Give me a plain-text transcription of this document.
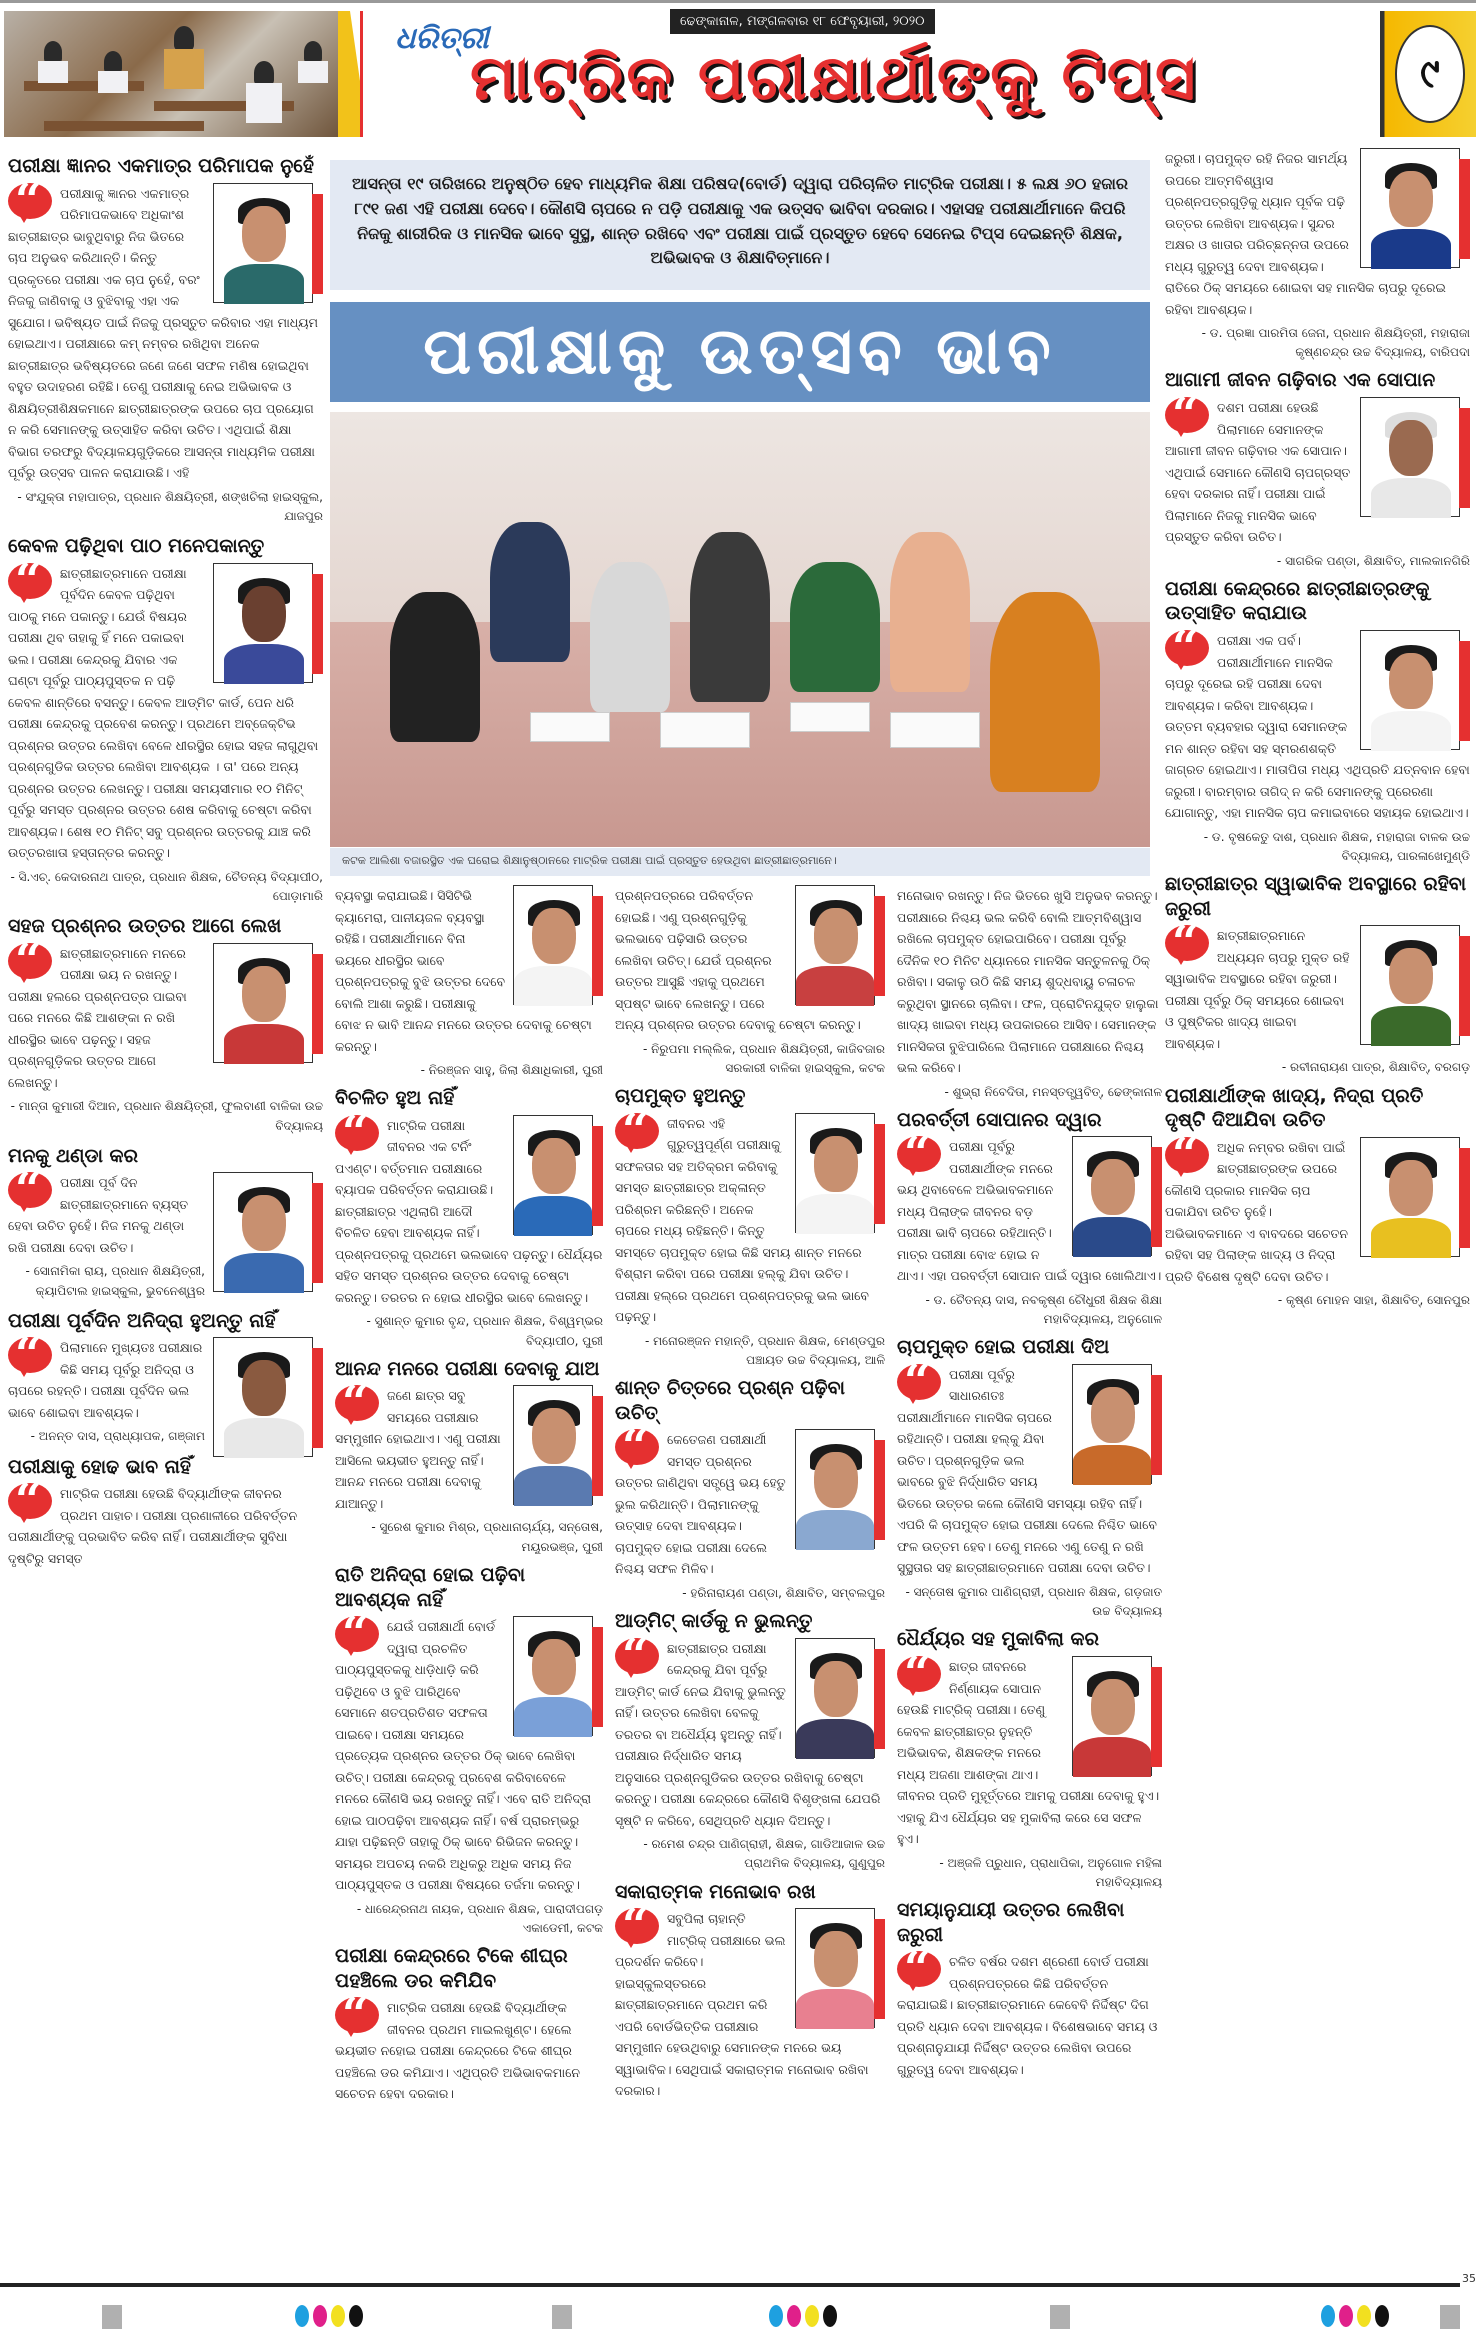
ଧରିତ୍ରୀ	ଢେଙ୍କାନାଳ, ମଙ୍ଗଳବାର ୧୮ ଫେବୃୟାରୀ, ୨୦୨୦
ମାଟ୍ରିକ ପରୀକ୍ଷାର୍ଥୀଙ୍କୁ ଟିପ୍ସ	୯
ଆସନ୍ତା ୧୯ ତାରିଖରେ ଅନୁଷ୍ଠିତ ହେବ ମାଧ୍ୟମିକ ଶିକ୍ଷା ପରିଷଦ(ବୋର୍ଡ) ଦ୍ୱାରା ପରିଚାଳିତ ମାଟ୍ରିକ ପରୀକ୍ଷା। ୫ ଲକ୍ଷ ୬୦ ହଜାର ୮୯୧ ଜଣ ଏହି ପରୀକ୍ଷା ଦେବେ। କୌଣସି ଚାପରେ ନ ପଡ଼ି ପରୀକ୍ଷାକୁ ଏକ ଉତ୍ସବ ଭାବିବା ଦରକାର। ଏହାସହ ପରୀକ୍ଷାର୍ଥୀମାନେ କିପରି ନିଜକୁ ଶାରୀରିକ ଓ ମାନସିକ ଭାବେ ସୁସ୍ଥ, ଶାନ୍ତ ରଖିବେ ଏବଂ ପରୀକ୍ଷା ପାଇଁ ପ୍ରସ୍ତୁତ ହେବେ ସେନେଇ ଟିପ୍ସ ଦେଇଛନ୍ତି ଶିକ୍ଷକ, ଅଭିଭାବକ ଓ ଶିକ୍ଷାବିତ୍‌ମାନେ।
ପରୀକ୍ଷାକୁ ଉତ୍ସବ ଭାବ
କଟକ ଆଲିଶା ବଜାରସ୍ଥିତ ଏକ ଘରୋଇ ଶିକ୍ଷାନୁଷ୍ଠାନରେ ମାଟ୍ରିକ ପରୀକ୍ଷା ପାଇଁ ପ୍ରସ୍ତୁତ ହେଉଥିବା ଛାତ୍ରୀଛାତ୍ରମାନେ।
ପରୀକ୍ଷା ଜ୍ଞାନର ଏକମାତ୍ର ପରିମାପକ ନୁହେଁ
“	ପରୀକ୍ଷାକୁ ଜ୍ଞାନର ଏକମାତ୍ର ପରିମାପକଭାବେ ଅଧିକାଂଶ ଛାତ୍ରୀଛାତ୍ର ଭାବୁଥିବାରୁ ନିଜ ଭିତରେ ଚାପ ଅନୁଭବ କରିଥାନ୍ତି। କିନ୍ତୁ ପ୍ରକୃତରେ ପରୀକ୍ଷା ଏକ ଚାପ ନୁହେଁ, ବରଂ ନିଜକୁ ଜାଣିବାକୁ ଓ ବୁଝିବାକୁ ଏହା ଏକ ସୁଯୋଗ। ଭବିଷ୍ୟତ ପାଇଁ ନିଜକୁ ପ୍ରସ୍ତୁତ କରିବାର ଏହା ମାଧ୍ୟମ ହୋଇଥାଏ। ପରୀକ୍ଷାରେ କମ୍ ନମ୍ବର ରଖିଥିବା ଅନେକ ଛାତ୍ରୀଛାତ୍ର ଭବିଷ୍ୟତରେ ଜଣେ ଜଣେ ସଫଳ ମଣିଷ ହୋଇଥିବା ବହୁତ ଉଦାହରଣ ରହିଛି। ତେଣୁ ପରୀକ୍ଷାକୁ ନେଇ ଅଭିଭାବକ ଓ ଶିକ୍ଷୟିତ୍ରୀଶିକ୍ଷକମାନେ ଛାତ୍ରୀଛାତ୍ରଙ୍କ ଉପରେ ଚାପ ପ୍ରୟୋଗ ନ କରି ସେମାନଙ୍କୁ ଉତ୍ସାହିତ କରିବା ଉଚିତ। ଏଥିପାଇଁ ଶିକ୍ଷା ବିଭାଗ ତରଫରୁ ବିଦ୍ୟାଳୟଗୁଡ଼ିକରେ ଆସନ୍ତା ମାଧ୍ୟମିକ ପରୀକ୍ଷା ପୂର୍ବରୁ ଉତ୍ସବ ପାଳନ କରାଯାଉଛି। ଏହି

- ସଂଯୁକ୍ତା ମହାପାତ୍ର, ପ୍ରଧାନ ଶିକ୍ଷୟିତ୍ରୀ, ଶଙ୍ଖଚିଲା ହାଇସ୍କୁଲ, ଯାଜପୁର

କେବଳ ପଢ଼ିଥିବା ପାଠ ମନେପକାନ୍ତୁ
“	ଛାତ୍ରୀଛାତ୍ରମାନେ ପରୀକ୍ଷା ପୂର୍ବଦିନ କେବଳ ପଢ଼ିଥିବା ପାଠକୁ ମନେ ପକାନ୍ତୁ। ଯେଉଁ ବିଷୟର ପରୀକ୍ଷା ଥିବ ତାହାକୁ ହିଁ ମନେ ପକାଇବା ଭଲ। ପରୀକ୍ଷା କେନ୍ଦ୍ରକୁ ଯିବାର ଏକ ଘଣ୍ଟା ପୂର୍ବରୁ ପାଠ୍ୟପୁସ୍ତକ ନ ପଢ଼ି କେବଳ ଶାନ୍ତିରେ ବସନ୍ତୁ। କେବଳ ଆଡ୍‌ମିଟ କାର୍ଡ, ପେନ ଧରି ପରୀକ୍ଷା କେନ୍ଦ୍ରକୁ ପ୍ରବେଶ କରନ୍ତୁ। ପ୍ରଥମେ ଅବ୍‌ଜେକ୍ଟିଭ ପ୍ରଶ୍ନର ଉତ୍ତର ଲେଖିବା ବେଳେ ଧୀରସ୍ଥିର ହୋଇ ସହଜ ଲାଗୁଥିବା ପ୍ରଶ୍ନଗୁଡିକ ଉତ୍ତର ଲେଖିବା ଆବଶ୍ୟକ । ତା' ପରେ ଅନ୍ୟ ପ୍ରଶ୍ନର ଉତ୍ତର ଲେଖନ୍ତୁ। ପରୀକ୍ଷା ସମୟସୀମାର ୧୦ ମିନିଟ୍ ପୂର୍ବରୁ ସମସ୍ତ ପ୍ରଶ୍ନର ଉତ୍ତର ଶେଷ କରିବାକୁ ଚେଷ୍ଟା କରିବା ଆବଶ୍ୟକ। ଶେଷ ୧୦ ମିନିଟ୍ ସବୁ ପ୍ରଶ୍ନର ଉତ୍ତରକୁ ଯାଞ୍ଚ କରି ଉତ୍ତରଖାତା ହସ୍ତାନ୍ତର କରନ୍ତୁ।

- ସି.ଏଚ୍. କେଦାରନାଥ ପାତ୍ର, ପ୍ରଧାନ ଶିକ୍ଷକ, ଚୈତନ୍ୟ ବିଦ୍ୟାପୀଠ, ପୋଡ଼ାମାରି

ସହଜ ପ୍ରଶ୍ନର ଉତ୍ତର ଆଗେ ଲେଖ
“	ଛାତ୍ରୀଛାତ୍ରମାନେ ମନରେ ପରୀକ୍ଷା ଭୟ ନ ରଖନ୍ତୁ। ପରୀକ୍ଷା ହଲରେ ପ୍ରଶ୍ନପତ୍ର ପାଇବା ପରେ ମନରେ କିଛି ଆଶଙ୍କା ନ ରଖି ଧୀରସ୍ଥିର ଭାବେ ପଢ଼ନ୍ତୁ। ସହଜ ପ୍ରଶ୍ନଗୁଡ଼ିକର ଉତ୍ତର ଆଗେ ଲେଖନ୍ତୁ।

- ମାନ୍ତା କୁମାରୀ ଦିଆନ, ପ୍ରଧାନ ଶିକ୍ଷୟିତ୍ରୀ, ଫୁଲବାଣୀ ବାଳିକା ଉଚ୍ଚ ବିଦ୍ୟାଳୟ

ମନକୁ ଥଣ୍ଡା କର
“	ପରୀକ୍ଷା ପୂର୍ବ ଦିନ ଛାତ୍ରୀଛାତ୍ରମାନେ ବ୍ୟସ୍ତ ହେବା ଉଚିତ ନୁହେଁ। ନିଜ ମନକୁ ଥଣ୍ଡା ରଖି ପରୀକ୍ଷା ଦେବା ଉଚିତ।

- ସୋନାମିକା ରାୟ, ପ୍ରଧାନ ଶିକ୍ଷୟିତ୍ରୀ, କ୍ୟାପିଟାଲ ହାଇସ୍କୁଲ, ଭୁବନେଶ୍ୱର

ପରୀକ୍ଷା ପୂର୍ବଦିନ ଅନିଦ୍ରା ହୁଅନ୍ତୁ ନାହିଁ
“	ପିଲାମାନେ ମୁଖ୍ୟତଃ ପରୀକ୍ଷାର କିଛି ସମୟ ପୂର୍ବରୁ ଅନିଦ୍ରା ଓ ଚାପରେ ରହନ୍ତି। ପରୀକ୍ଷା ପୂର୍ବଦିନ ଭଲ ଭାବେ ଶୋଇବା ଆବଶ୍ୟକ।

- ଅନନ୍ତ ଦାସ, ପ୍ରାଧ୍ୟାପକ, ଗଞ୍ଜାମ

ପରୀକ୍ଷାକୁ ହୋଢ ଭାବ ନାହିଁ
“	ମାଟ୍ରିକ ପରୀକ୍ଷା ହେଉଛି ବିଦ୍ୟାର୍ଥୀଙ୍କ ଜୀବନର ପ୍ରଥମ ପାହାଚ। ପରୀକ୍ଷା ପ୍ରଣାଳୀରେ ପରିବର୍ତ୍ତନ ପରୀକ୍ଷାର୍ଥୀଙ୍କୁ ପ୍ରଭାବିତ କରିବ ନାହିଁ। ପରୀକ୍ଷାର୍ଥୀଙ୍କ ସୁବିଧା ଦୃଷ୍ଟିରୁ ସମସ୍ତ

ବ୍ୟବସ୍ଥା କରାଯାଇଛି। ସିସିଟିଭି କ୍ୟାମେରା, ପାନୀୟଜଳ ବ୍ୟବସ୍ଥା ରହିଛି। ପରୀକ୍ଷାର୍ଥୀମାନେ ବିନା ଭୟରେ ଧୀରସ୍ଥିର ଭାବେ ପ୍ରଶ୍ନପତ୍ରକୁ ବୁଝି ଉତ୍ତର ଦେବେ ବୋଲି ଆଶା କରୁଛି। ପରୀକ୍ଷାକୁ ବୋଝ ନ ଭାବି ଆନନ୍ଦ ମନରେ ଉତ୍ତର ଦେବାକୁ ଚେଷ୍ଟା କରନ୍ତୁ।

- ନିରଞ୍ଜନ ସାହୁ, ଜିଲା ଶିକ୍ଷାଧିକାରୀ, ପୁରୀ

ବିଚଳିତ ହୁଅ ନାହିଁ
“	ମାଟ୍ରିକ ପରୀକ୍ଷା ଜୀବନର ଏକ ଟର୍ନିଂ ପଏଣ୍ଟ। ବର୍ତ୍ତମାନ ପରୀକ୍ଷାରେ ବ୍ୟାପକ ପରିବର୍ତ୍ତନ କରାଯାଉଛି। ଛାତ୍ରୀଛାତ୍ର ଏଥିଲାଗି ଆଦୌ ବିଚଳିତ ହେବା ଆବଶ୍ୟକ ନାହିଁ। ପ୍ରଶ୍ନପତ୍ରକୁ ପ୍ରଥମେ ଭଲଭାବେ ପଢ଼ନ୍ତୁ। ଧୈର୍ଯ୍ୟର ସହିତ ସମସ୍ତ ପ୍ରଶ୍ନର ଉତ୍ତର ଦେବାକୁ ଚେଷ୍ଟା କରନ୍ତୁ। ତରତର ନ ହୋଇ ଧୀରସ୍ଥିର ଭାବେ ଲେଖନ୍ତୁ।

- ସୁଶାନ୍ତ କୁମାର ବୃନ୍ଦ, ପ୍ରଧାନ ଶିକ୍ଷକ, ବିଶ୍ୱମ୍ଭର ବିଦ୍ୟାପୀଠ, ପୁରୀ

ଆନନ୍ଦ ମନରେ ପରୀକ୍ଷା ଦେବାକୁ ଯାଅ
“	ଜଣେ ଛାତ୍ର ସବୁ ସମୟରେ ପରୀକ୍ଷାର ସମ୍ମୁଖୀନ ହୋଇଥାଏ। ଏଣୁ ପରୀକ୍ଷା ଆସିଲେ ଭୟଭୀତ ହୁଅନ୍ତୁ ନାହିଁ। ଆନନ୍ଦ ମନରେ ପରୀକ୍ଷା ଦେବାକୁ ଯାଆନ୍ତୁ।

- ସୁରେଶ କୁମାର ମିଶ୍ର, ପ୍ରଧାନାଚାର୍ଯ୍ୟ, ସନ୍ତୋଷ, ମୟୂରଭଞ୍ଜ, ପୁରୀ

ରାତି ଅନିଦ୍ରା ହୋଇ ପଢ଼ିବା ଆବଶ୍ୟକ ନାହିଁ
“	ଯେଉଁ ପରୀକ୍ଷାର୍ଥୀ ବୋର୍ଡ ଦ୍ୱାରା ପ୍ରଚଳିତ ପାଠ୍ୟପୁସ୍ତକକୁ ଧାଡ଼ିଧାଡ଼ି କରି ପଢ଼ିଥିବେ ଓ ବୁଝି ପାରିଥିବେ ସେମାନେ ଶତପ୍ରତିଶତ ସଫଳତା ପାଇବେ। ପରୀକ୍ଷା ସମୟରେ ପ୍ରତ୍ୟେକ ପ୍ରଶ୍ନର ଉତ୍ତର ଠିକ୍ ଭାବେ ଲେଖିବା ଉଚିତ୍। ପରୀକ୍ଷା କେନ୍ଦ୍ରକୁ ପ୍ରବେଶ କରିବାବେଳେ ମନରେ କୌଣସି ଭୟ ରଖନ୍ତୁ ନାହିଁ। ଏବେ ରାତି ଅନିଦ୍ରା ହୋଇ ପାଠପଢ଼ିବା ଆବଶ୍ୟକ ନାହିଁ। ବର୍ଷ ପ୍ରାରମ୍ଭରୁ ଯାହା ପଢ଼ିଛନ୍ତି ତାହାକୁ ଠିକ୍ ଭାବେ ରିଭିଜନ କରନ୍ତୁ। ସମୟର ଅପଚୟ ନକରି ଅଧିକରୁ ଅଧିକ ସମୟ ନିଜ ପାଠ୍ୟପୁସ୍ତକ ଓ ପରୀକ୍ଷା ବିଷୟରେ ତର୍ଜମା କରନ୍ତୁ।

- ଧାରେନ୍ଦ୍ରନାଥ ନାୟକ, ପ୍ରଧାନ ଶିକ୍ଷକ, ପାରାଦୀପଗଡ଼ ଏକାଡେମୀ, କଟକ

ପରୀକ୍ଷା କେନ୍ଦ୍ରରେ ଟିକେ ଶୀଘ୍ର ପହଞ୍ଚିଲେ ଡର କମିଯିବ
“	ମାଟ୍ରିକ ପରୀକ୍ଷା ହେଉଛି ବିଦ୍ୟାର୍ଥୀଙ୍କ ଜୀବନର ପ୍ରଥମ ମାଇଲଖୁଣ୍ଟ। ହେଲେ ଭୟଭୀତ ନହୋଇ ପରୀକ୍ଷା କେନ୍ଦ୍ରରେ ଟିକେ ଶୀଘ୍ର ପହଞ୍ଚିଲେ ଡର କମିଯାଏ। ଏଥିପ୍ରତି ଅଭିଭାବକମାନେ ସଚେତନ ହେବା ଦରକାର।

ପ୍ରଶ୍ନପତ୍ରରେ ପରିବର୍ତ୍ତନ ହୋଇଛି। ଏଣୁ ପ୍ରଶ୍ନଗୁଡ଼ିକୁ ଭଲଭାବେ ପଢ଼ିସାରି ଉତ୍ତର ଲେଖିବା ଉଚିତ୍। ଯେଉଁ ପ୍ରଶ୍ନର ଉତ୍ତର ଆସୁଛି ଏହାକୁ ପ୍ରଥମେ ସ୍ପଷ୍ଟ ଭାବେ ଲେଖନ୍ତୁ। ପରେ ଅନ୍ୟ ପ୍ରଶ୍ନର ଉତ୍ତର ଦେବାକୁ ଚେଷ୍ଟା କରନ୍ତୁ।

- ନିରୁପମା ମଲ୍ଲିକ, ପ୍ରଧାନ ଶିକ୍ଷୟିତ୍ରୀ, କାଜିବଜାର ସରକାରୀ ବାଳିକା ହାଇସ୍କୁଲ, କଟକ

ଚାପମୁକ୍ତ ହୁଅନ୍ତୁ
“	ଜୀବନର ଏହି ଗୁରୁତ୍ୱପୂର୍ଣ୍ଣ ପରୀକ୍ଷାକୁ ସଫଳତାର ସହ ଅତିକ୍ରମ କରିବାକୁ ସମସ୍ତ ଛାତ୍ରୀଛାତ୍ର ଅକ୍ଳାନ୍ତ ପରିଶ୍ରମ କରିଛନ୍ତି। ଅନେକ ଚାପରେ ମଧ୍ୟ ରହିଛନ୍ତି। କିନ୍ତୁ ସମସ୍ତେ ଚାପମୁକ୍ତ ହୋଇ କିଛି ସମୟ ଶାନ୍ତ ମନରେ ବିଶ୍ରାମ କରିବା ପରେ ପରୀକ୍ଷା ହଲ୍‌କୁ ଯିବା ଉଚିତ। ପରୀକ୍ଷା ହଲ୍‌ରେ ପ୍ରଥମେ ପ୍ରଶ୍ନପତ୍ରକୁ ଭଲ ଭାବେ ପଢ଼ନ୍ତୁ।

- ମନୋରଞ୍ଜନ ମହାନ୍ତି, ପ୍ରଧାନ ଶିକ୍ଷକ, ମେଣ୍ଡପୁର ପଞ୍ଚାୟତ ଉଚ୍ଚ ବିଦ୍ୟାଳୟ, ଆଳି

ଶାନ୍ତ ଚିତ୍ତରେ ପ୍ରଶ୍ନ ପଢ଼ିବା ଉଚିତ୍
“	କେତେଜଣ ପରୀକ୍ଷାର୍ଥୀ ସମସ୍ତ ପ୍ରଶ୍ନର ଉତ୍ତର ଜାଣିଥିବା ସତ୍ତ୍ୱେ ଭୟ ହେତୁ ଭୁଲ କରିଥାନ୍ତି। ପିଲାମାନଙ୍କୁ ଉତ୍ସାହ ଦେବା ଆବଶ୍ୟକ। ଚାପମୁକ୍ତ ହୋଇ ପରୀକ୍ଷା ଦେଲେ ନିଶ୍ଚୟ ସଫଳ ମିଳିବ।

- ହରିନାରାୟଣ ପଣ୍ଡା, ଶିକ୍ଷାବିତ, ସମ୍ବଲପୁର

ଆଡ୍‌ମିଟ୍ କାର୍ଡକୁ ନ ଭୁଲନ୍ତୁ
“	ଛାତ୍ରୀଛାତ୍ର ପରୀକ୍ଷା କେନ୍ଦ୍ରକୁ ଯିବା ପୂର୍ବରୁ ଆଡ୍‌ମିଟ୍ କାର୍ଡ ନେଇ ଯିବାକୁ ଭୁଲନ୍ତୁ ନାହିଁ। ଉତ୍ତର ଲେଖିବା ବେଳକୁ ତରତର ବା ଅଧୈର୍ଯ୍ୟ ହୁଅନ୍ତୁ ନାହିଁ। ପରୀକ୍ଷାର ନିର୍ଦ୍ଧାରିତ ସମୟ ଅନୁସାରେ ପ୍ରଶ୍ନଗୁଡିକର ଉତ୍ତର ରଖିବାକୁ ଚେଷ୍ଟା କରନ୍ତୁ। ପରୀକ୍ଷା କେନ୍ଦ୍ରରେ କୌଣସି ବିଶୃଙ୍ଖଳା ଯେପରି ସୃଷ୍ଟି ନ କରିବେ, ସେଥିପ୍ରତି ଧ୍ୟାନ ଦିଅନ୍ତୁ।

- ରମେଶ ଚନ୍ଦ୍ର ପାଣିଗ୍ରାହୀ, ଶିକ୍ଷକ, ଗାଡିଆଜାଳ ଉଚ୍ଚ ପ୍ରାଥମିକ ବିଦ୍ୟାଳୟ, ଗୁଣୁପୁର

ସକାରାତ୍ମକ ମନୋଭାବ ରଖ
“	ସବୁପିଲା ଚାହାନ୍ତି ମାଟ୍ରିକ୍ ପରୀକ୍ଷାରେ ଭଲ ପ୍ରଦର୍ଶନ କରିବେ। ହାଇସ୍କୁଲସ୍ତରରେ ଛାତ୍ରୀଛାତ୍ରମାନେ ପ୍ରଥମ କରି ଏପରି ବୋର୍ଡଭିତ୍ତିକ ପରୀକ୍ଷାର ସମ୍ମୁଖୀନ ହେଉଥିବାରୁ ସେମାନଙ୍କ ମନରେ ଭୟ ସ୍ୱାଭାବିକ। ସେଥିପାଇଁ ସକାରାତ୍ମକ ମନୋଭାବ ରଖିବା ଦରକାର।

ମନୋଭାବ ରଖନ୍ତୁ। ନିଜ ଭିତରେ ଖୁସି ଅନୁଭବ କରନ୍ତୁ। ପରୀକ୍ଷାରେ ନିଶ୍ଚୟ ଭଲ କରିବି ବୋଲି ଆତ୍ମବିଶ୍ୱାସ ରଖିଲେ ଚାପମୁକ୍ତ ହୋଇପାରିବେ। ପରୀକ୍ଷା ପୂର୍ବରୁ ଦୈନିକ ୧୦ ମିନିଟ ଧ୍ୟାନରେ ମାନସିକ ସନ୍ତୁଳନକୁ ଠିକ୍ ରଖିବା। ସକାଳୁ ଉଠି କିଛି ସମୟ ଶୁଦ୍ଧବାୟୁ ଚଳାଚଳ କରୁଥିବା ସ୍ଥାନରେ ଚାଲିବା। ଫଳ, ପ୍ରୋଟିନଯୁକ୍ତ ହାଲୁକା ଖାଦ୍ୟ ଖାଇବା ମଧ୍ୟ ଉପକାରରେ ଆସିବ। ସେମାନଙ୍କ ମାନସିକତା ବୁଝିପାରିଲେ ପିଲାମାନେ ପରୀକ୍ଷାରେ ନିଶ୍ଚୟ ଭଲ କରିବେ।

- ଶୁଭ୍ରା ନିବେଦିତା, ମନସ୍ତତ୍ତ୍ୱବିତ୍, ଢେଙ୍କାନାଳ

ପରବର୍ତ୍ତୀ ସୋପାନର ଦ୍ୱାର
“	ପରୀକ୍ଷା ପୂର୍ବରୁ ପରୀକ୍ଷାର୍ଥୀଙ୍କ ମନରେ ଭୟ ଥିବାବେଳେ ଅଭିଭାବକମାନେ ମଧ୍ୟ ପିଲାଙ୍କ ଜୀବନର ବଡ଼ ପରୀକ୍ଷା ଭାବି ଚାପରେ ରହିଥାନ୍ତି। ମାତ୍ର ପରୀକ୍ଷା ବୋଝ ହୋଇ ନ ଥାଏ। ଏହା ପରବର୍ତ୍ତୀ ସୋପାନ ପାଇଁ ଦ୍ୱାର ଖୋଲିଥାଏ।

- ଡ. ଚୈତନ୍ୟ ଦାସ, ନବକୃଷ୍ଣ ଚୌଧୁରୀ ଶିକ୍ଷକ ଶିକ୍ଷା ମହାବିଦ୍ୟାଳୟ, ଅନୁଗୋଳ

ଚାପମୁକ୍ତ ହୋଇ ପରୀକ୍ଷା ଦିଅ
“	ପରୀକ୍ଷା ପୂର୍ବରୁ ସାଧାରଣତଃ ପରୀକ୍ଷାର୍ଥୀମାନେ ମାନସିକ ଚାପରେ ରହିଥାନ୍ତି। ପରୀକ୍ଷା ହଲ୍‌କୁ ଯିବା ଉଚିତ। ପ୍ରଶ୍ନଗୁଡ଼ିକ ଭଲ ଭାବରେ ବୁଝି ନିର୍ଦ୍ଧାରିତ ସମୟ ଭିତରେ ଉତ୍ତର କଲେ କୌଣସି ସମସ୍ୟା ରହିବ ନାହିଁ। ଏପରି କି ଚାପମୁକ୍ତ ହୋଇ ପରୀକ୍ଷା ଦେଲେ ନିଶ୍ଚିତ ଭାବେ ଫଳ ଉତ୍ତମ ହେବ। ତେଣୁ ମନରେ ଏଣୁ ତେଣୁ ନ ରଖି ସୁସ୍ଥତାର ସହ ଛାତ୍ରୀଛାତ୍ରମାନେ ପରୀକ୍ଷା ଦେବା ଉଚିତ।

- ସନ୍ତୋଷ କୁମାର ପାଣିଗ୍ରାହୀ, ପ୍ରଧାନ ଶିକ୍ଷକ, ଗଡ଼ଜାତ ଉଚ୍ଚ ବିଦ୍ୟାଳୟ

ଧୈର୍ଯ୍ୟର ସହ ମୁକାବିଲା କର
“	ଛାତ୍ର ଜୀବନରେ ନିର୍ଣ୍ଣାୟକ ସୋପାନ ହେଉଛି ମାଟ୍ରିକ୍ ପରୀକ୍ଷା। ତେଣୁ କେବଳ ଛାତ୍ରୀଛାତ୍ର ନୁହନ୍ତି ଅଭିଭାବକ, ଶିକ୍ଷକଙ୍କ ମନରେ ମଧ୍ୟ ଅଜଣା ଆଶଙ୍କା ଥାଏ। ଜୀବନର ପ୍ରତି ମୁହୂର୍ତ୍ତରେ ଆମକୁ ପରୀକ୍ଷା ଦେବାକୁ ହୁଏ। ଏହାକୁ ଯିଏ ଧୈର୍ଯ୍ୟର ସହ ମୁକାବିଲା କରେ ସେ ସଫଳ ହୁଏ।

- ଅଞ୍ଜଳି ପ୍ରୁଧାନ, ପ୍ରାଧାପିକା, ଅନୁଗୋଳ ମହିଳା ମହାବିଦ୍ୟାଳୟ

ସମୟାନୁଯାୟୀ ଉତ୍ତର ଲେଖିବା ଜରୁରୀ
“	ଚଳିତ ବର୍ଷର ଦଶମ ଶ୍ରେଣୀ ବୋର୍ଡ ପରୀକ୍ଷା ପ୍ରଶ୍ନପତ୍ରରେ କିଛି ପରିବର୍ତ୍ତନ କରାଯାଇଛି। ଛାତ୍ରୀଛାତ୍ରମାନେ କେବେବି ନିର୍ଦ୍ଦିଷ୍ଟ ଦିଗ ପ୍ରତି ଧ୍ୟାନ ଦେବା ଆବଶ୍ୟକ। ବିଶେଷଭାବେ ସମୟ ଓ ପ୍ରଶ୍ନାନୁଯାୟୀ ନିର୍ଦ୍ଦିଷ୍ଟ ଉତ୍ତର ଲେଖିବା ଉପରେ ଗୁରୁତ୍ୱ ଦେବା ଆବଶ୍ୟକ।

ଜରୁରୀ। ଚାପମୁକ୍ତ ରହି ନିଜର ସାମର୍ଥ୍ୟ ଉପରେ ଆତ୍ମବିଶ୍ୱାସ ପ୍ରଶ୍ନପତ୍ରଗୁଡ଼ିକୁ ଧ୍ୟାନ ପୂର୍ବକ ପଢ଼ି ଉତ୍ତର ଲେଖିବା ଆବଶ୍ୟକ। ସୁନ୍ଦର ଅକ୍ଷର ଓ ଖାତାର ପରିଚ୍ଛନ୍ନତା ଉପରେ ମଧ୍ୟ ଗୁରୁତ୍ୱ ଦେବା ଆବଶ୍ୟକ। ରାତିରେ ଠିକ୍ ସମୟରେ ଶୋଇବା ସହ ମାନସିକ ଚାପରୁ ଦୂରେଇ ରହିବା ଆବଶ୍ୟକ।

- ଡ. ପ୍ରଜ୍ଞା ପାରମିତା ଜେନା, ପ୍ରଧାନ ଶିକ୍ଷୟିତ୍ରୀ, ମହାରାଜା କୃଷ୍ଣଚନ୍ଦ୍ର ଉଚ୍ଚ ବିଦ୍ୟାଳୟ, ବାରିପଦା

ଆଗାମୀ ଜୀବନ ଗଢ଼ିବାର ଏକ ସୋପାନ
“	ଦଶମ ପରୀକ୍ଷା ହେଉଛି ପିଲାମାନେ ସେମାନଙ୍କ ଆଗାମୀ ଜୀବନ ଗଢ଼ିବାର ଏକ ସୋପାନ। ଏଥିପାଇଁ ସେମାନେ କୌଣସି ଚାପଗ୍ରସ୍ତ ହେବା ଦରକାର ନାହିଁ। ପରୀକ୍ଷା ପାଇଁ ପିଲାମାନେ ନିଜକୁ ମାନସିକ ଭାବେ ପ୍ରସ୍ତୁତ କରିବା ଉଚିତ।

- ସାଗରିକ ପଣ୍ଡା, ଶିକ୍ଷାବିତ୍, ମାଲକାନଗିରି

ପରୀକ୍ଷା କେନ୍ଦ୍ରରେ ଛାତ୍ରୀଛାତ୍ରଙ୍କୁ ଉତ୍ସାହିତ କରାଯାଉ
“	ପରୀକ୍ଷା ଏକ ପର୍ବ। ପରୀକ୍ଷାର୍ଥୀମାନେ ମାନସିକ ଚାପରୁ ଦୂରେଇ ରହି ପରୀକ୍ଷା ଦେବା ଆବଶ୍ୟକ। କରିବା ଆବଶ୍ୟକ। ଉତ୍ତମ ବ୍ୟବହାର ଦ୍ୱାରା ସେମାନଙ୍କ ମନ ଶାନ୍ତ ରହିବା ସହ ସ୍ମରଣଶକ୍ତି ଜାଗ୍ରତ ହୋଇଥାଏ। ମାତାପିତା ମଧ୍ୟ ଏଥିପ୍ରତି ଯତ୍ନବାନ ହେବା ଜରୁରୀ। ବାରମ୍ବାର ତାଗିଦ୍ ନ କରି ସେମାନଙ୍କୁ ପ୍ରେରଣା ଯୋଗାନ୍ତୁ, ଏହା ମାନସିକ ଚାପ କମାଇବାରେ ସହାୟକ ହୋଇଥାଏ।

- ଡ. ବୃଷକେତୁ ଦାଶ, ପ୍ରଧାନ ଶିକ୍ଷକ, ମହାରାଜା ବାଳକ ଉଚ୍ଚ ବିଦ୍ୟାଳୟ, ପାରଳାଖେମୁଣ୍ଡି

ଛାତ୍ରୀଛାତ୍ର ସ୍ୱାଭାବିକ ଅବସ୍ଥାରେ ରହିବା ଜରୁରୀ
“	ଛାତ୍ରୀଛାତ୍ରମାନେ ଅଧ୍ୟୟନ ଚାପରୁ ମୁକ୍ତ ରହି ସ୍ୱାଭାବିକ ଅବସ୍ଥାରେ ରହିବା ଜରୁରୀ। ପରୀକ୍ଷା ପୂର୍ବରୁ ଠିକ୍ ସମୟରେ ଶୋଇବା ଓ ପୁଷ୍ଟିକର ଖାଦ୍ୟ ଖାଇବା ଆବଶ୍ୟକ।

- ରବୀନାରାୟଣ ପାତ୍ର, ଶିକ୍ଷାବିତ୍, ବରଗଡ଼

ପରୀକ୍ଷାର୍ଥୀଙ୍କ ଖାଦ୍ୟ, ନିଦ୍ରା ପ୍ରତି ଦୃଷ୍ଟି ଦିଆଯିବା ଉଚିତ
“	ଅଧିକ ନମ୍ବର ରଖିବା ପାଇଁ ଛାତ୍ରୀଛାତ୍ରଙ୍କ ଉପରେ କୌଣସି ପ୍ରକାର ମାନସିକ ଚାପ ପକାଯିବା ଉଚିତ ନୁହେଁ। ଅଭିଭାବକମାନେ ଏ ବାବଦରେ ସଚେତନ ରହିବା ସହ ପିଲାଙ୍କ ଖାଦ୍ୟ ଓ ନିଦ୍ରା ପ୍ରତି ବିଶେଷ ଦୃଷ୍ଟି ଦେବା ଉଚିତ।

- କୃଷ୍ଣ ମୋହନ ସାହା, ଶିକ୍ଷାବିତ୍, ସୋନପୁର

35
